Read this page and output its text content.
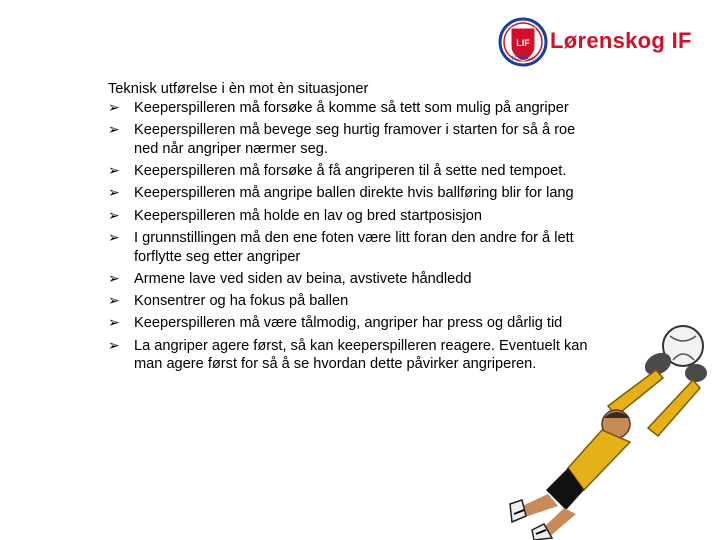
LIF
FOTBALL
Lørenskog IF
Teknisk utførelse i èn mot èn situasjoner
➢ Keeperspilleren må forsøke å komme så tett som mulig på angriper
➢ Keeperspilleren må bevege seg hurtig framover i starten for så å roe ned når angriper nærmer seg.
➢ Keeperspilleren må forsøke å få angriperen til å sette ned tempoet.
➢ Keeperspilleren må angripe ballen direkte hvis ballføring blir for lang
➢ Keeperspilleren må holde en lav og bred startposisjon
➢ I grunnstillingen må den ene foten være litt foran den andre for å lett forflytte seg etter angriper
➢ Armene lave ved siden av beina, avstivete håndledd
➢ Konsentrer og ha fokus på ballen
➢ Keeperspilleren må være tålmodig, angriper har press og dårlig tid
➢ La angriper agere først, så kan keeperspilleren reagere. Eventuelt kan man agere først for så å se hvordan dette påvirker angriperen.
